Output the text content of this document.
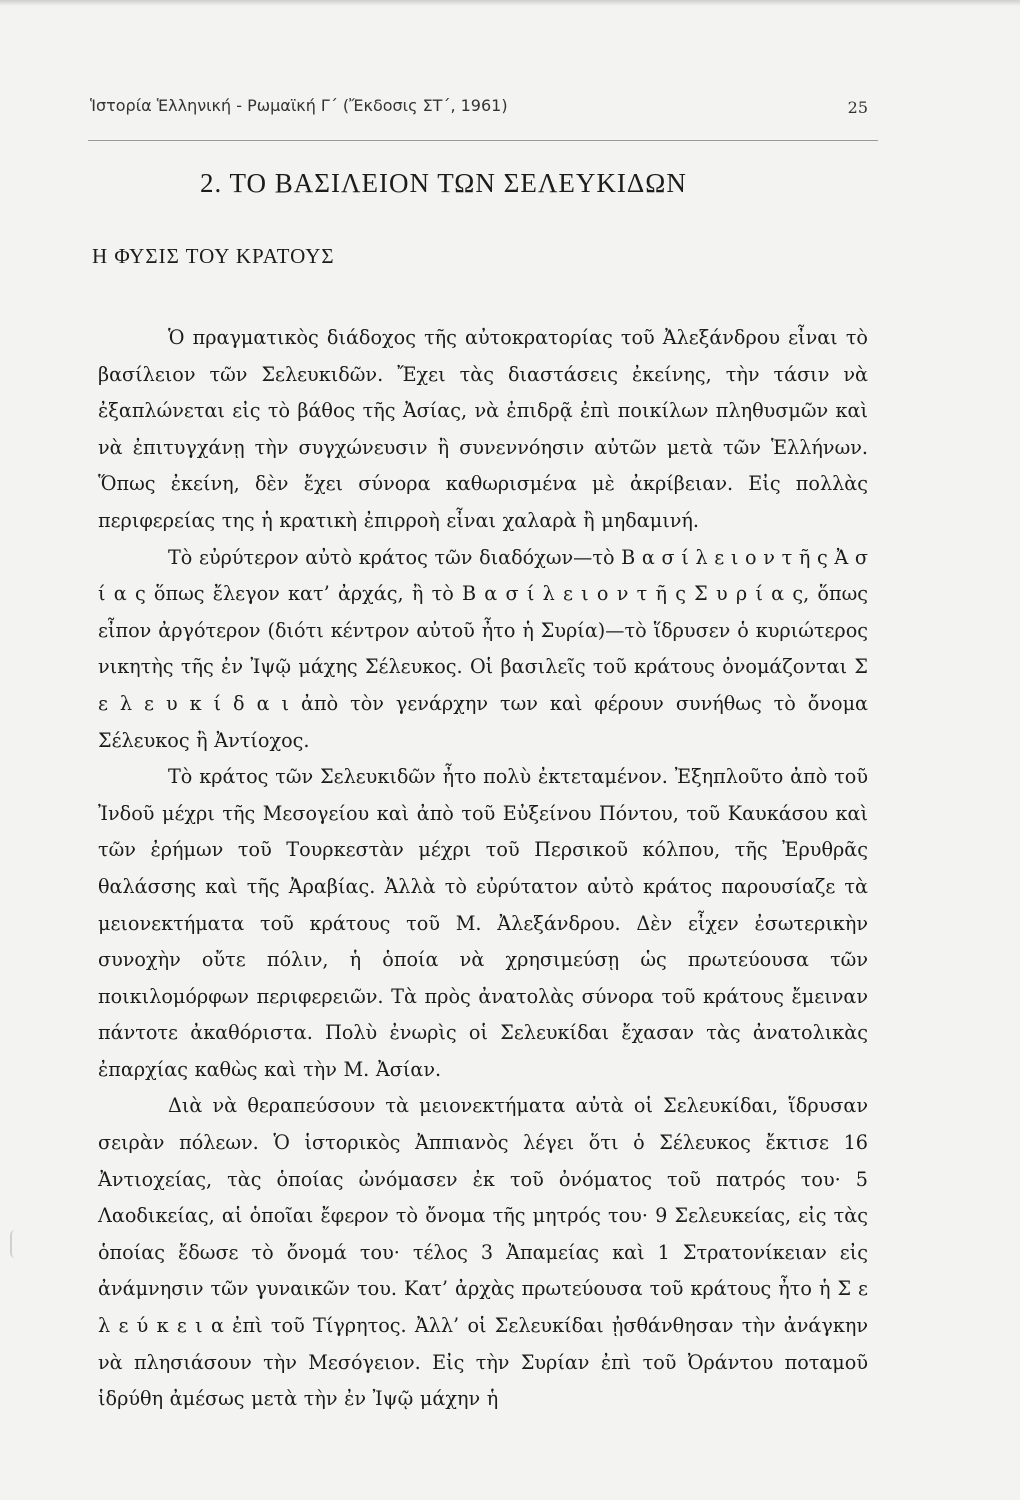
Ἱστορία Ἑλληνική - Ρωμαϊκή Γ΄ (Ἔκδοσις ΣΤ΄, 1961)	25
2. ΤΟ ΒΑΣΙΛΕΙΟΝ ΤΩΝ ΣΕΛΕΥΚΙΔΩΝ
Η ΦΥΣΙΣ ΤΟΥ ΚΡΑΤΟΥΣ

Ὁ πραγματικὸς διάδοχος τῆς αὐτοκρατορίας τοῦ Ἀλεξάνδρου εἶναι τὸ βασίλειον τῶν Σελευκιδῶν. Ἔχει τὰς διαστάσεις ἐκείνης, τὴν τάσιν νὰ ἐξαπλώνεται εἰς τὸ βάθος τῆς Ἀσίας, νὰ ἐπιδρᾷ ἐπὶ ποικίλων πληθυσμῶν καὶ νὰ ἐπιτυγχάνῃ τὴν συγχώνευσιν ἢ συνεννόησιν αὐτῶν μετὰ τῶν Ἑλλήνων. Ὅπως ἐκείνη, δὲν ἔχει σύνορα καθωρισμένα μὲ ἀκρίβειαν. Εἰς πολλὰς περιφερείας της ἡ κρατικὴ ἐπιρροὴ εἶναι χαλαρὰ ἢ μηδαμινή.

Τὸ εὐρύτερον αὐτὸ κράτος τῶν διαδόχων—τὸ Β α σ ί λ ε ι ο ν τ ῆ ς Ἀ σ ί α ς ὅπως ἔλεγον κατ’ ἀρχάς, ἢ τὸ Β α σ ί λ ε ι ο ν τ ῆ ς Σ υ ρ ί α ς, ὅπως εἶπον ἀργότερον (διότι κέντρον αὐτοῦ ἦτο ἡ Συρία)—τὸ ἵδρυσεν ὁ κυριώτερος νικητὴς τῆς ἐν Ἰψῷ μάχης Σέλευκος. Οἱ βασιλεῖς τοῦ κράτους ὀνομάζονται Σ ε λ ε υ κ ί δ α ι ἀπὸ τὸν γενάρχην των καὶ φέρουν συνήθως τὸ ὄνομα Σέλευκος ἢ Ἀντίοχος.

Τὸ κράτος τῶν Σελευκιδῶν ἦτο πολὺ ἐκτεταμένον. Ἐξηπλοῦτο ἀπὸ τοῦ Ἰνδοῦ μέχρι τῆς Μεσογείου καὶ ἀπὸ τοῦ Εὐξείνου Πόντου, τοῦ Καυκάσου καὶ τῶν ἐρήμων τοῦ Τουρκεστὰν μέχρι τοῦ Περσικοῦ κόλπου, τῆς Ἐρυθρᾶς θαλάσσης καὶ τῆς Ἀραβίας. Ἀλλὰ τὸ εὐρύτατον αὐτὸ κράτος παρουσίαζε τὰ μειονεκτήματα τοῦ κράτους τοῦ Μ. Ἀλεξάνδρου. Δὲν εἶχεν ἐσωτερικὴν συνοχὴν οὔτε πόλιν, ἡ ὁποία νὰ χρησιμεύσῃ ὡς πρωτεύουσα τῶν ποικιλομόρφων περιφερειῶν. Τὰ πρὸς ἀνατολὰς σύνορα τοῦ κράτους ἔμειναν πάντοτε ἀκαθόριστα. Πολὺ ἐνωρὶς οἱ Σελευκίδαι ἔχασαν τὰς ἀνατολικὰς ἐπαρχίας καθὼς καὶ τὴν Μ. Ἀσίαν.

Διὰ νὰ θεραπεύσουν τὰ μειονεκτήματα αὐτὰ οἱ Σελευκίδαι, ἵδρυσαν σειρὰν πόλεων. Ὁ ἱστορικὸς Ἀππιανὸς λέγει ὅτι ὁ Σέλευκος ἔκτισε 16 Ἀντιοχείας, τὰς ὁποίας ὠνόμασεν ἐκ τοῦ ὀνόματος τοῦ πατρός του· 5 Λαοδικείας, αἱ ὁποῖαι ἔφερον τὸ ὄνομα τῆς μητρός του· 9 Σελευκείας, εἰς τὰς ὁποίας ἔδωσε τὸ ὄνομά του· τέλος 3 Ἀπαμείας καὶ 1 Στρατονίκειαν εἰς ἀνάμνησιν τῶν γυναικῶν του. Κατ’ ἀρχὰς πρωτεύουσα τοῦ κράτους ἦτο ἡ Σ ε λ ε ύ κ ε ι α ἐπὶ τοῦ Τίγρητος. Ἀλλ’ οἱ Σελευκίδαι ᾐσθάνθησαν τὴν ἀνάγκην νὰ πλησιάσουν τὴν Μεσόγειον. Εἰς τὴν Συρίαν ἐπὶ τοῦ Ὀράντου ποταμοῦ ἱδρύθη ἀμέσως μετὰ τὴν ἐν Ἰψῷ μάχην ἡ
